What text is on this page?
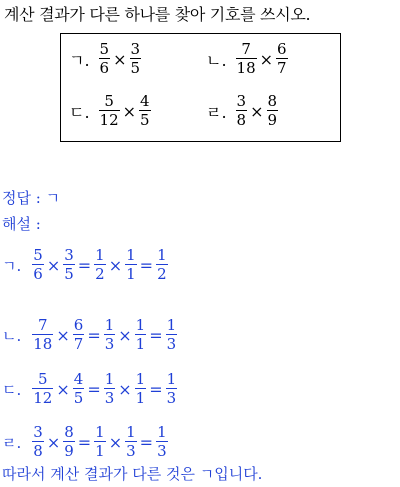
계산 결과가 다른 하나를 찾아 기호를 쓰시오.
ㄱ. $\frac{5}{6} \times \frac{3}{5}$	ㄴ. $\frac{7}{18} \times \frac{6}{7}$
ㄷ. $\frac{5}{12} \times \frac{4}{5}$	ㄹ. $\frac{3}{8} \times \frac{8}{9}$
정답 : ㄱ
해설 :
ㄱ. $\frac{5}{6} \times \frac{3}{5} = \frac{1}{2} \times \frac{1}{1} = \frac{1}{2}$
ㄴ. $\frac{7}{18} \times \frac{6}{7} = \frac{1}{3} \times \frac{1}{1} = \frac{1}{3}$
ㄷ. $\frac{5}{12} \times \frac{4}{5} = \frac{1}{3} \times \frac{1}{1} = \frac{1}{3}$
ㄹ. $\frac{3}{8} \times \frac{8}{9} = \frac{1}{1} \times \frac{1}{3} = \frac{1}{3}$
따라서 계산 결과가 다른 것은 ㄱ입니다.
